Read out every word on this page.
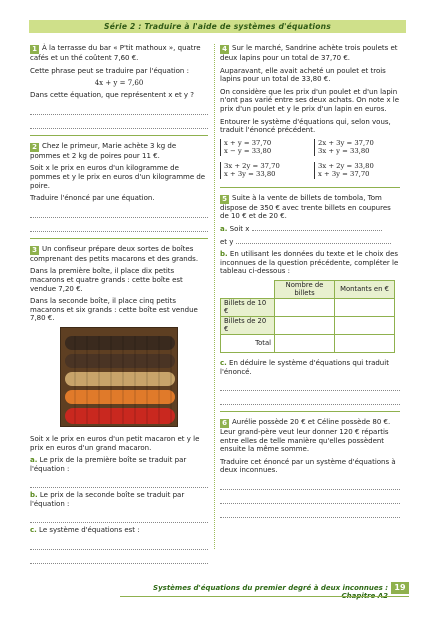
Série 2 : Traduire à l'aide de systèmes d'équations

1 À la terrasse du bar « P'tit mathoux », quatre cafés et un thé coûtent 7,60 €.

Cette phrase peut se traduire par l'équation :

4x + y = 7,60

Dans cette équation, que représentent x et y ?

2 Chez le primeur, Marie achète 3 kg de pommes et 2 kg de poires pour 11 €.

Soit x le prix en euros d'un kilogramme de pommes et y le prix en euros d'un kilogramme de poire.

Traduire l'énoncé par une équation.

3 Un confiseur prépare deux sortes de boîtes comprenant des petits macarons et des grands.

Dans la première boîte, il place dix petits macarons et quatre grands : cette boîte est vendue 7,20 €.

Dans la seconde boîte, il place cinq petits macarons et six grands : cette boîte est vendue 7,80 €.

Soit x le prix en euros d'un petit macaron et y le prix en euros d'un grand macaron.

a. Le prix de la première boîte se traduit par l'équation :

b. Le prix de la seconde boîte se traduit par l'équation :

c. Le système d'équations est :

4 Sur le marché, Sandrine achète trois poulets et deux lapins pour un total de 37,70 €.

Auparavant, elle avait acheté un poulet et trois lapins pour un total de 33,80 €.

On considère que les prix d'un poulet et d'un lapin n'ont pas varié entre ses deux achats. On note x le prix d'un poulet et y le prix d'un lapin en euros.

Entourer le système d'équations qui, selon vous, traduit l'énoncé précédent.

x + y = 37,70
x − y = 33,80
2x + 3y = 37,70
3x + y = 33,80
3x + 2y = 37,70
x + 3y = 33,80
3x + 2y = 33,80
x + 3y = 37,70

5 Suite à la vente de billets de tombola, Tom dispose de 350 € avec trente billets en coupures de 10 € et de 20 €.

a. Soit x

et y

b. En utilisant les données du texte et le choix des inconnues de la question précédente, compléter le tableau ci-dessous :

	Nombre de billets	Montants en €
Billets de 10 €		
Billets de 20 €		
Total		

c. En déduire le système d'équations qui traduit l'énoncé.

6 Aurélie possède 20 € et Céline possède 80 €. Leur grand-père veut leur donner 120 € répartis entre elles de telle manière qu'elles possèdent ensuite la même somme.

Traduire cet énoncé par un système d'équations à deux inconnues.

Systèmes d'équations du premier degré à deux inconnues : Chapitre A2
19
